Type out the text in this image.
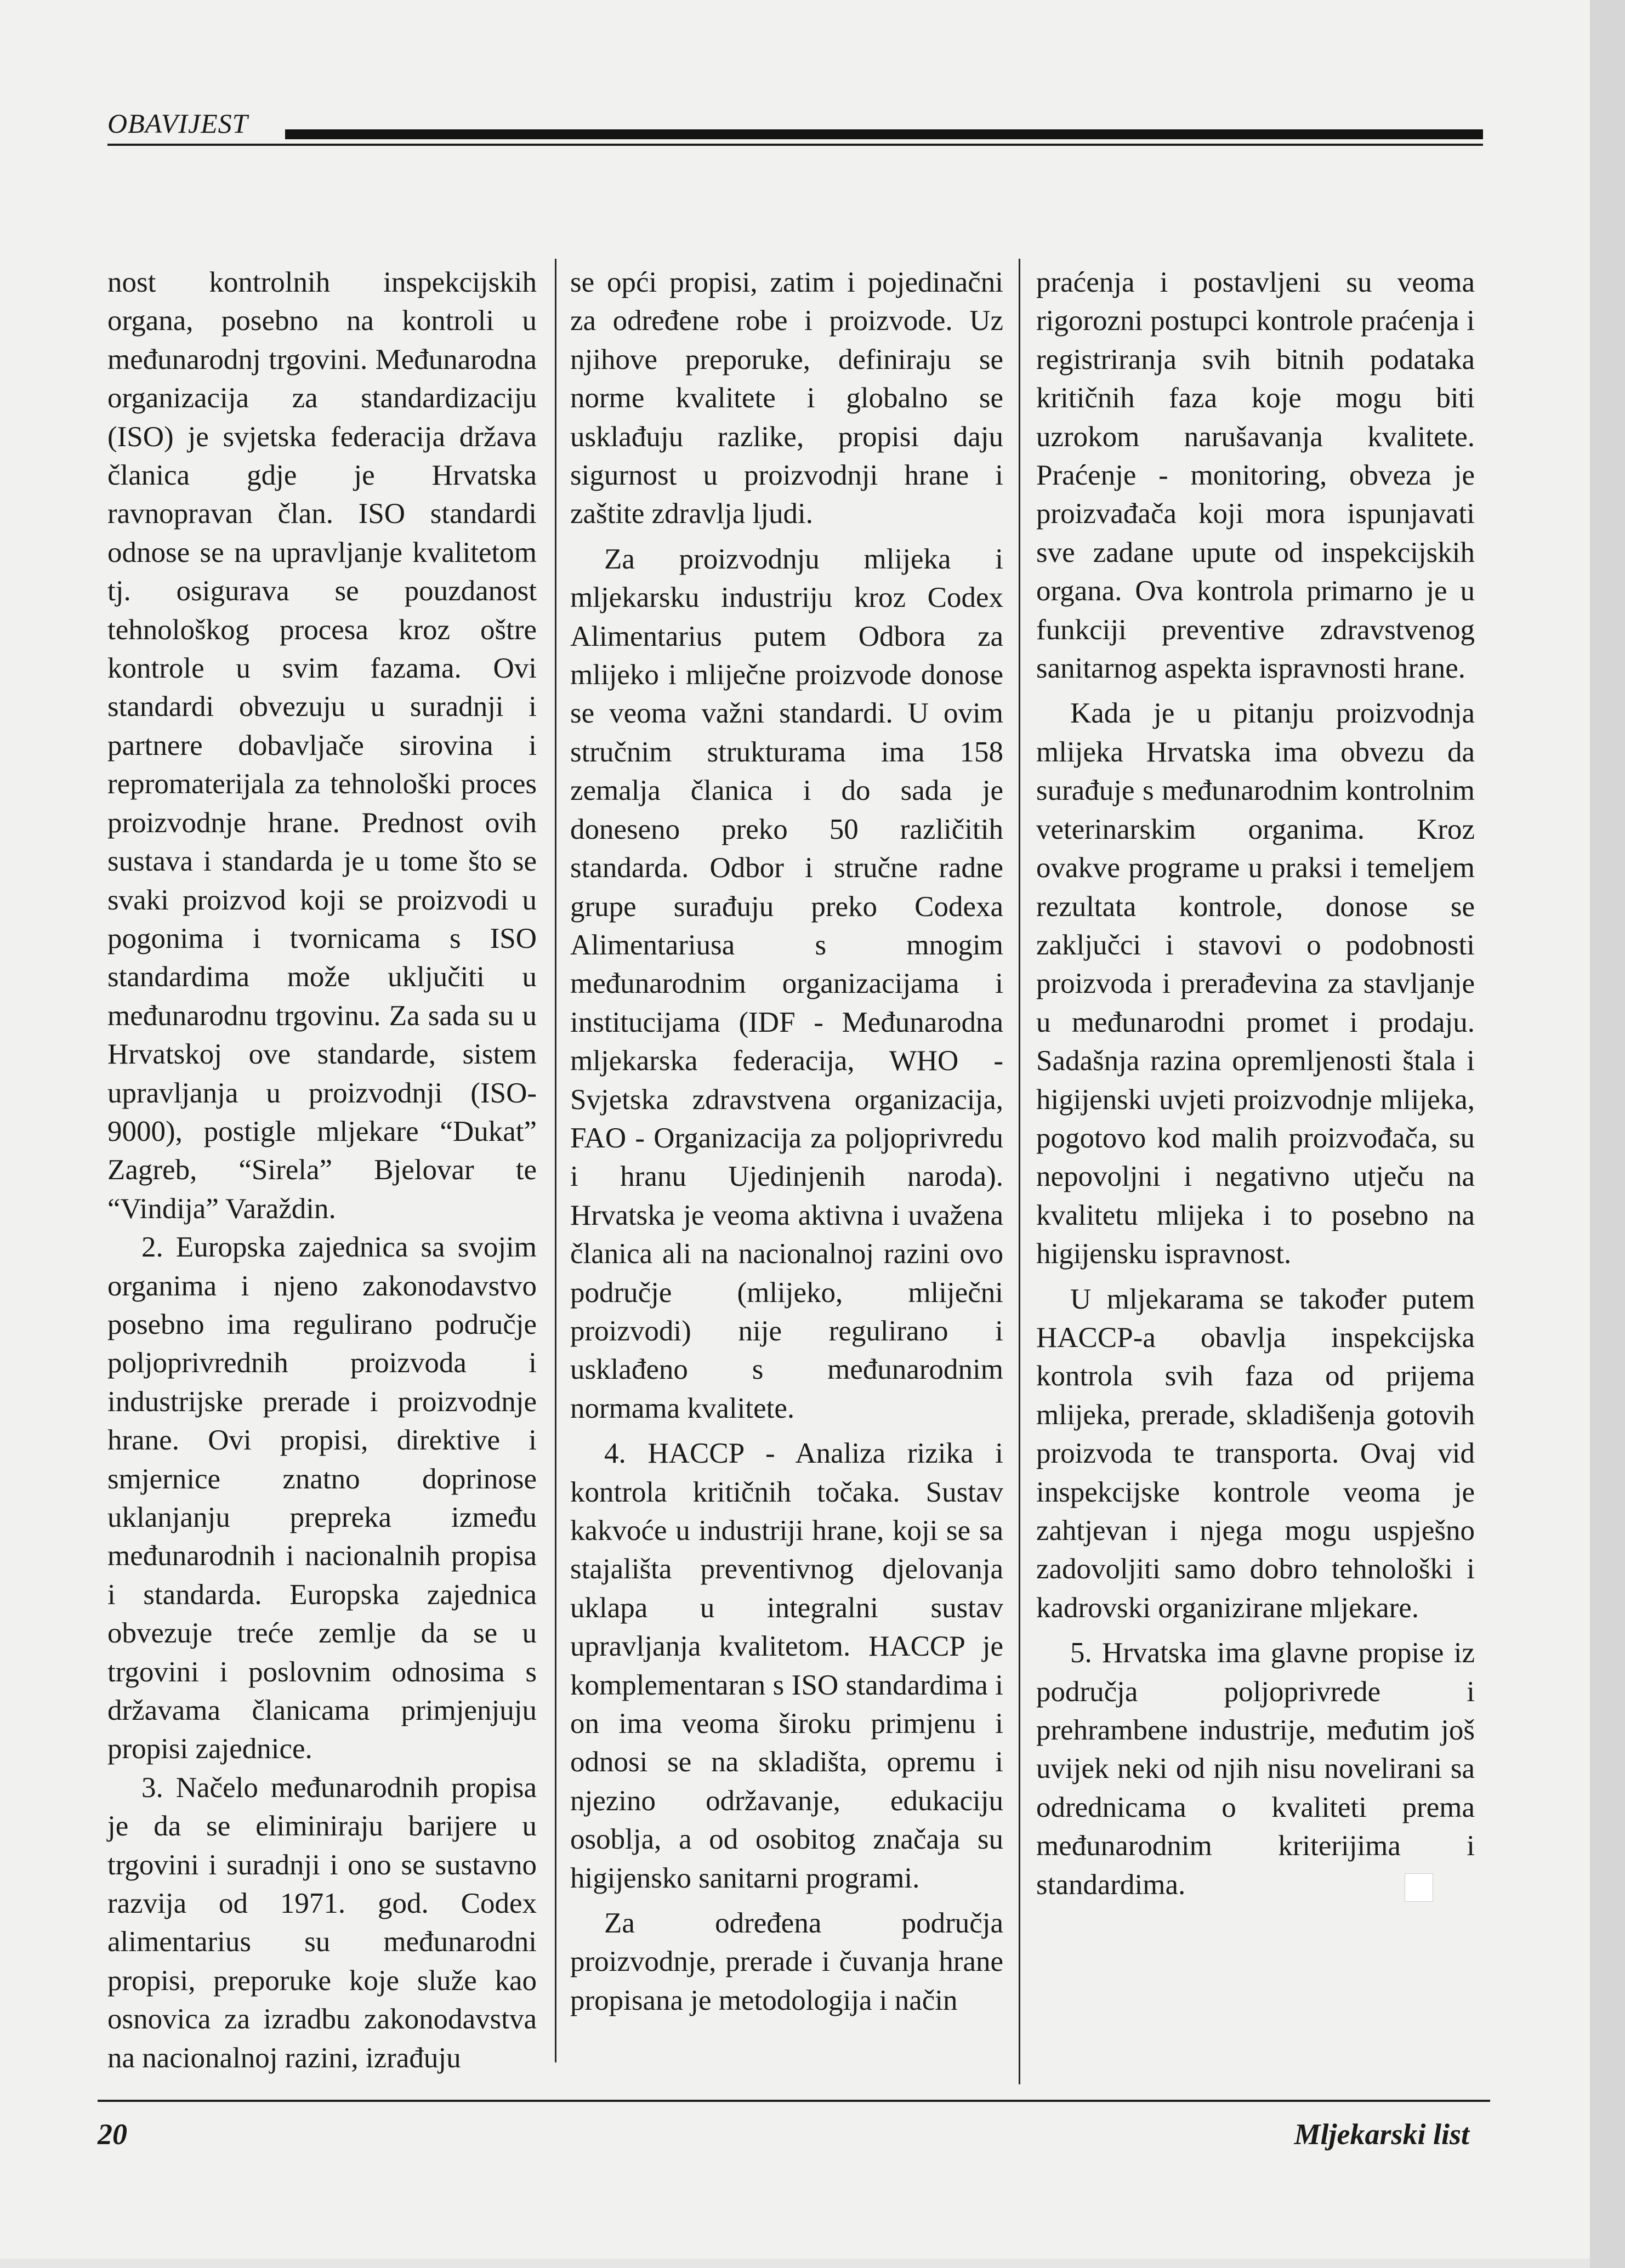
OBAVIJEST

nost kontrolnih inspekcijskih organa, posebno na kontroli u međunarodnj trgovini. Međunarodna organizacija za standardizaciju (ISO) je svjetska federacija država članica gdje je Hrvatska ravnopravan član. ISO standardi odnose se na upravljanje kvalitetom tj. osigurava se pouzdanost tehnološkog procesa kroz oštre kontrole u svim fazama. Ovi standardi obvezuju u suradnji i partnere dobavljače sirovina i repromaterijala za tehnološki proces proizvodnje hrane. Prednost ovih sustava i standarda je u tome što se svaki proizvod koji se proizvodi u pogonima i tvornicama s ISO standardima može uključiti u međunarodnu trgovinu. Za sada su u Hrvatskoj ove standarde, sistem upravljanja u proizvodnji (ISO-9000), postigle mljekare “Dukat” Zagreb, “Sirela” Bjelovar te “Vindija” Varaždin.

2. Europska zajednica sa svojim organima i njeno zakonodavstvo posebno ima regulirano područje poljoprivrednih proizvoda i industrijske prerade i proizvodnje hrane. Ovi propisi, direktive i smjernice znatno doprinose uklanjanju prepreka između međunarodnih i nacionalnih propisa i standarda. Europska zajednica obvezuje treće zemlje da se u trgovini i poslovnim odnosima s državama članicama primjenjuju propisi zajednice.

3. Načelo međunarodnih propisa je da se eliminiraju barijere u trgovini i suradnji i ono se sustavno razvija od 1971. god. Codex alimentarius su međunarodni propisi, preporuke koje služe kao osnovica za izradbu zakonodavstva na nacionalnoj razini, izrađuju

se opći propisi, zatim i pojedinačni za određene robe i proizvode. Uz njihove preporuke, definiraju se norme kvalitete i globalno se usklađuju razlike, propisi daju sigurnost u proizvodnji hrane i zaštite zdravlja ljudi.

Za proizvodnju mlijeka i mljekarsku industriju kroz Codex Alimentarius putem Odbora za mlijeko i mliječne proizvode donose se veoma važni standardi. U ovim stručnim strukturama ima 158 zemalja članica i do sada je doneseno preko 50 različitih standarda. Odbor i stručne radne grupe surađuju preko Codexa Alimentariusa s mnogim međunarodnim organizacijama i institucijama (IDF - Međunarodna mljekarska federacija, WHO - Svjetska zdravstvena organizacija, FAO - Organizacija za poljoprivredu i hranu Ujedinjenih naroda). Hrvatska je veoma aktivna i uvažena članica ali na nacionalnoj razini ovo područje (mlijeko, mliječni proizvodi) nije regulirano i usklađeno s međunarodnim normama kvalitete.

4. HACCP - Analiza rizika i kontrola kritičnih točaka. Sustav kakvoće u industriji hrane, koji se sa stajališta preventivnog djelovanja uklapa u integralni sustav upravljanja kvalitetom. HACCP je komplementaran s ISO standardima i on ima veoma široku primjenu i odnosi se na skladišta, opremu i njezino održavanje, edukaciju osoblja, a od osobitog značaja su higijensko sanitarni programi.

Za određena područja proizvodnje, prerade i čuvanja hrane propisana je metodologija i način

praćenja i postavljeni su veoma rigorozni postupci kontrole praćenja i registriranja svih bitnih podataka kritičnih faza koje mogu biti uzrokom narušavanja kvalitete. Praćenje - monitoring, obveza je proizvađača koji mora ispunjavati sve zadane upute od inspekcijskih organa. Ova kontrola primarno je u funkciji preventive zdravstvenog sanitarnog aspekta ispravnosti hrane.

Kada je u pitanju proizvodnja mlijeka Hrvatska ima obvezu da surađuje s međunarodnim kontrolnim veterinarskim organima. Kroz ovakve programe u praksi i temeljem rezultata kontrole, donose se zaključci i stavovi o podobnosti proizvoda i prerađevina za stavljanje u međunarodni promet i prodaju. Sadašnja razina opremljenosti štala i higijenski uvjeti proizvodnje mlijeka, pogotovo kod malih proizvođača, su nepovoljni i negativno utječu na kvalitetu mlijeka i to posebno na higijensku ispravnost.

U mljekarama se također putem HACCP-a obavlja inspekcijska kontrola svih faza od prijema mlijeka, prerade, skladišenja gotovih proizvoda te transporta. Ovaj vid inspekcijske kontrole veoma je zahtjevan i njega mogu uspješno zadovoljiti samo dobro tehnološki i kadrovski organizirane mljekare.

5. Hrvatska ima glavne propise iz područja poljoprivrede i prehrambene industrije, međutim još uvijek neki od njih nisu novelirani sa odrednicama o kvaliteti prema međunarodnim kriterijima i standardima.

20	Mljekarski list
